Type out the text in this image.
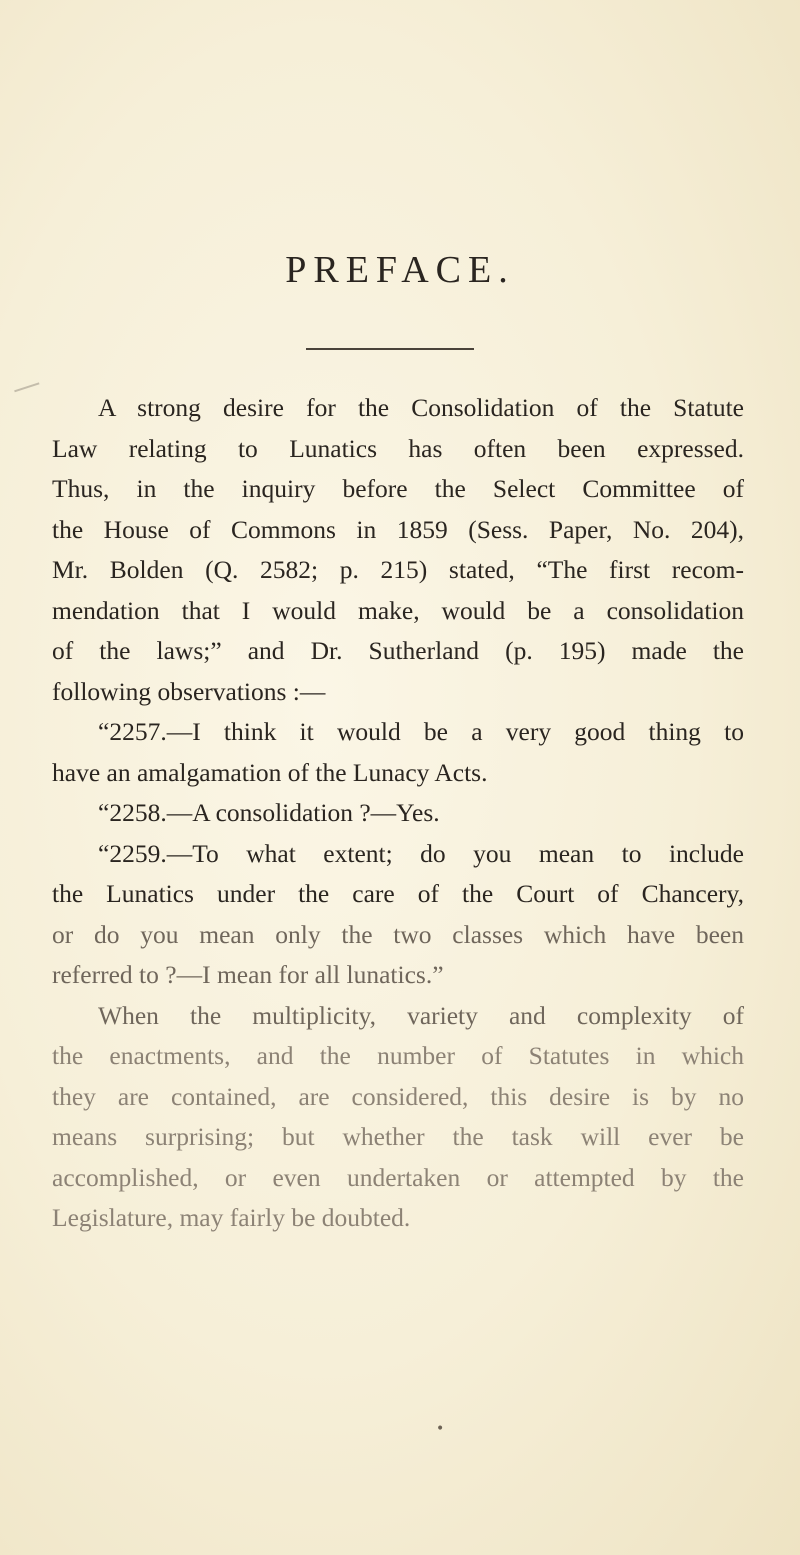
PREFACE.

A strong desire for the Consolidation of the Statute
Law relating to Lunatics has often been expressed.
Thus, in the inquiry before the Select Committee of
the House of Commons in 1859 (Sess. Paper, No. 204),
Mr. Bolden (Q. 2582; p. 215) stated, “The first recom-
mendation that I would make, would be a consolidation
of the laws;” and Dr. Sutherland (p. 195) made the
following observations :—

“2257.—I think it would be a very good thing to
have an amalgamation of the Lunacy Acts.

“2258.—A consolidation ?—Yes.

“2259.—To what extent; do you mean to include
the Lunatics under the care of the Court of Chancery,
or do you mean only the two classes which have been
referred to ?—I mean for all lunatics.”

When the multiplicity, variety and complexity of
the enactments, and the number of Statutes in which
they are contained, are considered, this desire is by no
means surprising; but whether the task will ever be
accomplished, or even undertaken or attempted by the
Legislature, may fairly be doubted.

•
